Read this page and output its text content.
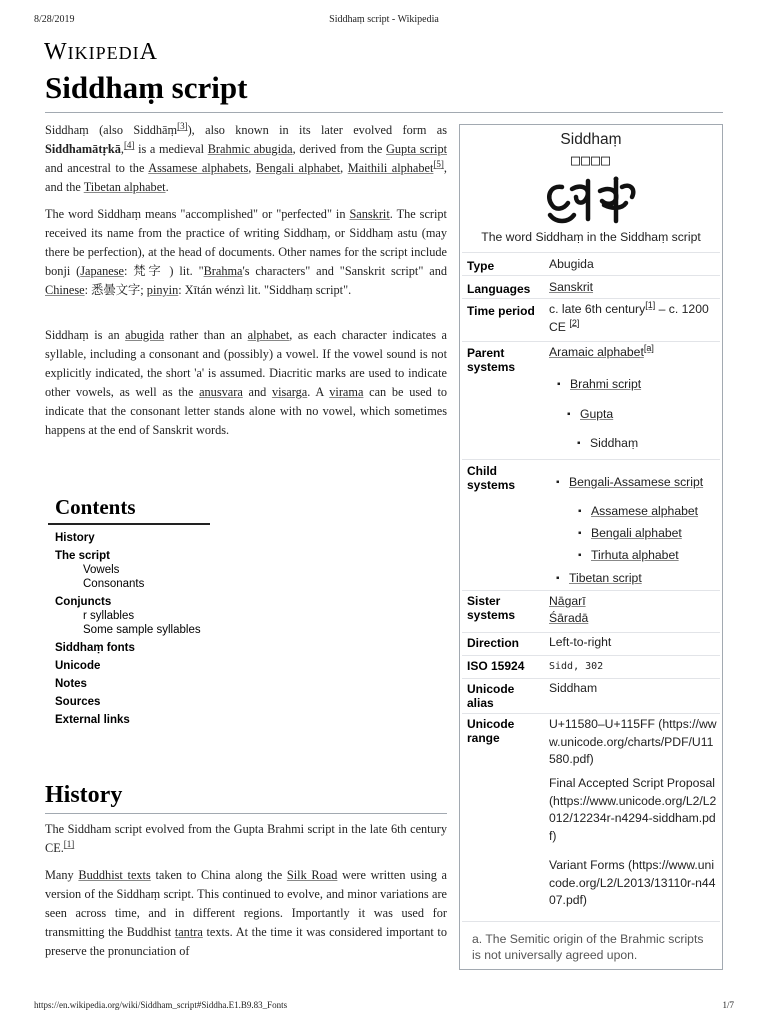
8/28/2019	Siddhaṃ script - Wikipedia
WIKIPEDIA
Siddhaṃ script

Siddhaṃ (also Siddhāṃ[3]), also known in its later evolved form as Siddhamātṛkā,[4] is a medieval Brahmic abugida, derived from the Gupta script and ancestral to the Assamese alphabets, Bengali alphabet, Maithili alphabet[5], and the Tibetan alphabet.

The word Siddhaṃ means "accomplished" or "perfected" in Sanskrit. The script received its name from the practice of writing Siddhaṃ, or Siddhaṃ astu (may there be perfection), at the head of documents. Other names for the script include bonji (Japanese: 梵字 ) lit. "Brahma's characters" and "Sanskrit script" and Chinese: 悉曇文字; pinyin: Xītán wénzì lit. "Siddhaṃ script".

Siddhaṃ is an abugida rather than an alphabet, as each character indicates a syllable, including a consonant and (possibly) a vowel. If the vowel sound is not explicitly indicated, the short 'a' is assumed. Diacritic marks are used to indicate other vowels, as well as the anusvara and visarga. A virama can be used to indicate that the consonant letter stands alone with no vowel, which sometimes happens at the end of Sanskrit words.

Contents
History
The script
Vowels
Consonants
Conjuncts
r syllables
Some sample syllables
Siddhaṃ fonts
Unicode
Notes
Sources
External links
History

The Siddham script evolved from the Gupta Brahmi script in the late 6th century CE.[1]

Many Buddhist texts taken to China along the Silk Road were written using a version of the Siddhaṃ script. This continued to evolve, and minor variations are seen across time, and in different regions. Importantly it was used for transmitting the Buddhist tantra texts. At the time it was considered important to preserve the pronunciation of

Siddhaṃ
□□□□
The word Siddhaṃ in the Siddhaṃ script
Type	Abugida
Languages Sanskrit
Time period c. late 6th century[1] – c. 1200 CE [2]
Parent systems
Aramaic alphabet[a]
▪ Brahmi script
▪ Gupta
▪ Siddhaṃ
Child systems
▪	Bengali-Assamese script
▪ Assamese alphabet
▪ Bengali alphabet
▪ Tirhuta alphabet
▪ Tibetan script
Sister systems
Nāgarī
Śāradā
Direction Left-to-right
ISO 15924 Sidd, 302
Unicode alias
Siddham
Unicode range
U+11580–U+115FF (https://www.unicode.org/charts/PDF/U11580.pdf)
Final Accepted Script Proposal (https://www.unicode.org/L2/L2012/12234r-n4294-siddham.pdf)
Variant Forms (https://www.unicode.org/L2/L2013/13110r-n4407.pdf)
a. The Semitic origin of the Brahmic scripts is not universally agreed upon.
https://en.wikipedia.org/wiki/Siddham_script#Siddha.E1.B9.83_Fonts	1/7
